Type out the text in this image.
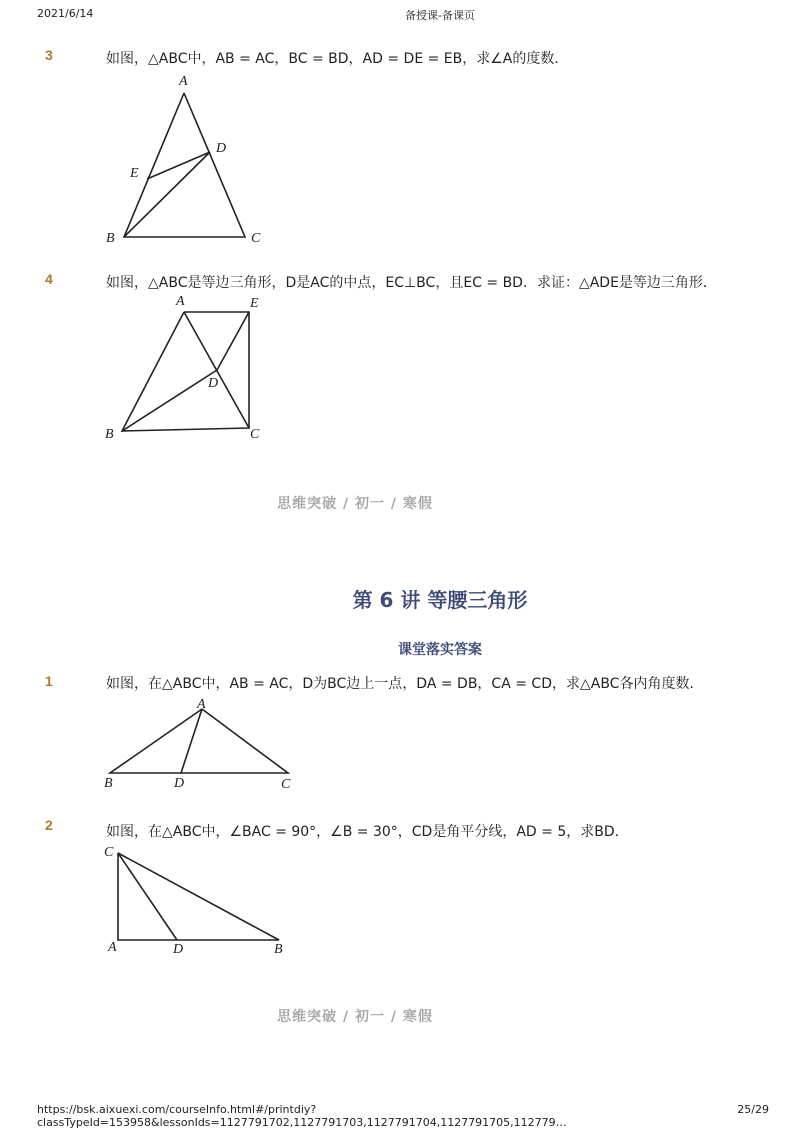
2021/6/14	备授课-备课页
3	如图，△ABC中，AB = AC，BC = BD，AD = DE = EB，求∠A的度数．
A
D
E
B	C
4	如图，△ABC是等边三角形，D是AC的中点，EC⊥BC，且EC = BD．求证：△ADE是等边三角形．
A	E
D
B	C
思维突破 / 初一 / 寒假
第 6 讲 等腰三角形
课堂落实答案
1	如图，在△ABC中，AB = AC，D为BC边上一点，DA = DB，CA = CD，求△ABC各内角度数．
A
B	D	C
2	如图，在△ABC中，∠BAC = 90°，∠B = 30°，CD是角平分线，AD = 5，求BD．
C
A	D	B
思维突破 / 初一 / 寒假
https://bsk.aixuexi.com/courseInfo.html#/printdiy?classTypeId=153958&lessonIds=1127791702,1127791703,1127791704,1127791705,112779…
25/29
